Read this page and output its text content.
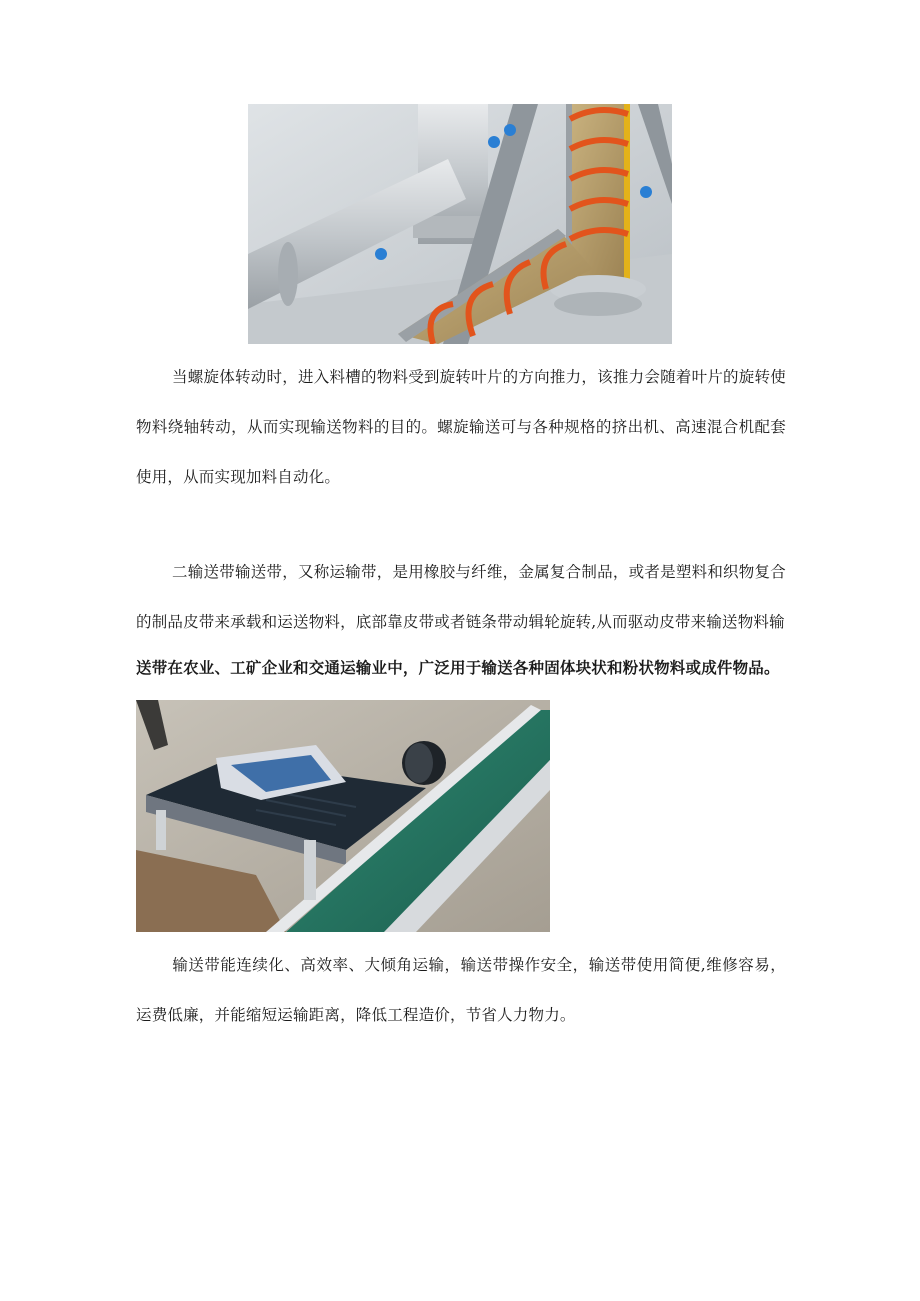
当螺旋体转动时，进入料槽的物料受到旋转叶片的方向推力，该推力会随着叶片的旋转使物料绕轴转动，从而实现输送物料的目的。螺旋输送可与各种规格的挤出机、高速混合机配套使用，从而实现加料自动化。

二输送带输送带，又称运输带，是用橡胶与纤维，金属复合制品，或者是塑料和织物复合的制品皮带来承载和运送物料，底部靠皮带或者链条带动辑轮旋转,从而驱动皮带来输送物料输

送带在农业、工矿企业和交通运输业中，广泛用于输送各种固体块状和粉状物料或成件物品。

输送带能连续化、高效率、大倾角运输，输送带操作安全，输送带使用简便,维修容易，运费低廉，并能缩短运输距离，降低工程造价，节省人力物力。
